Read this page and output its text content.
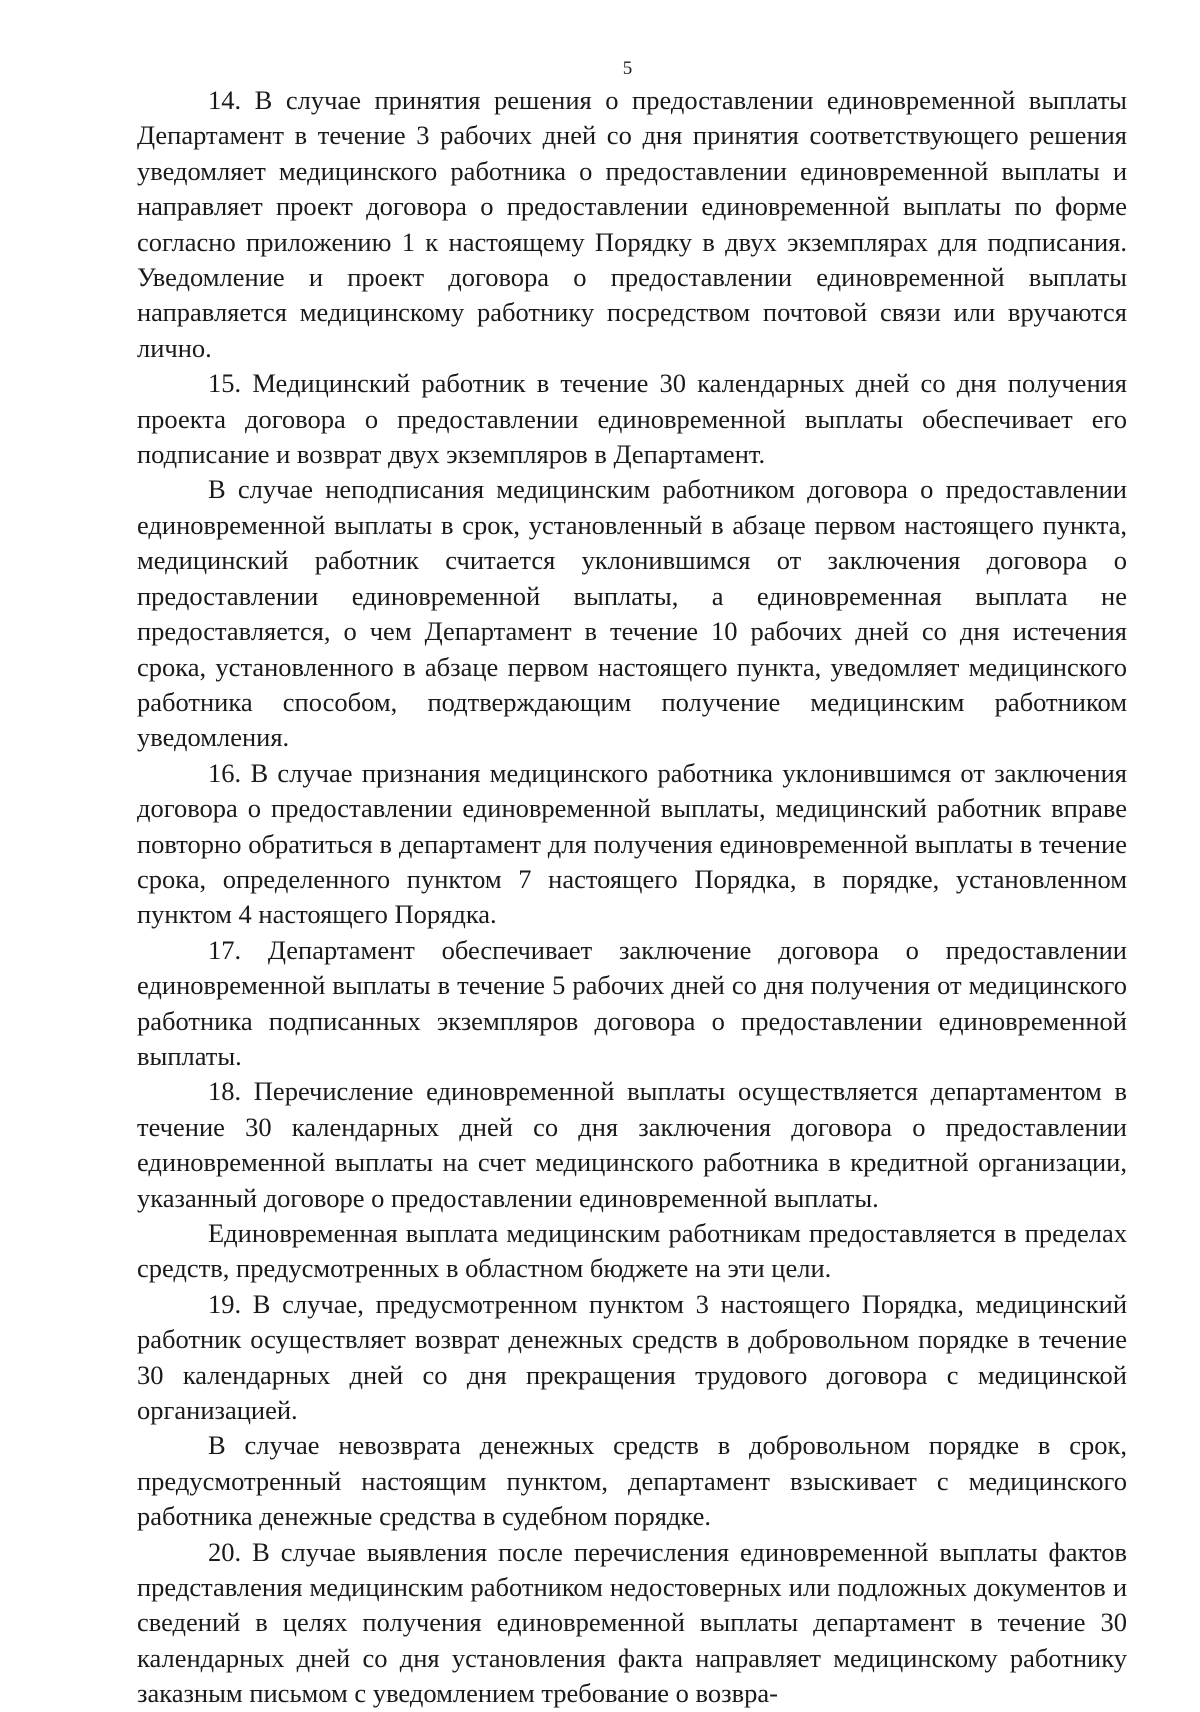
5

14. В случае принятия решения о предоставлении единовременной выплаты Департамент в течение 3 рабочих дней со дня принятия соответствующего решения уведомляет медицинского работника о предоставлении единовременной выплаты и направляет проект договора о предоставлении единовременной выплаты по форме согласно приложению 1 к настоящему Порядку в двух экземплярах для подписания. Уведомление и проект договора о предоставлении единовременной выплаты направляется медицинскому работнику посредством почтовой связи или вручаются лично.

15. Медицинский работник в течение 30 календарных дней со дня получения проекта договора о предоставлении единовременной выплаты обеспечивает его подписание и возврат двух экземпляров в Департамент.

В случае неподписания медицинским работником договора о предоставлении единовременной выплаты в срок, установленный в абзаце первом настоящего пункта, медицинский работник считается уклонившимся от заключения договора о предоставлении единовременной выплаты, а единовременная выплата не предоставляется, о чем Департамент в течение 10 рабочих дней со дня истечения срока, установленного в абзаце первом настоящего пункта, уведомляет медицинского работника способом, подтверждающим получение медицинским работником уведомления.

16. В случае признания медицинского работника уклонившимся от заключения договора о предоставлении единовременной выплаты, медицинский работник вправе повторно обратиться в департамент для получения единовременной выплаты в течение срока, определенного пунктом 7 настоящего Порядка, в порядке, установленном пунктом 4 настоящего Порядка.

17. Департамент обеспечивает заключение договора о предоставлении единовременной выплаты в течение 5 рабочих дней со дня получения от медицинского работника подписанных экземпляров договора о предоставлении единовременной выплаты.

18. Перечисление единовременной выплаты осуществляется департаментом в течение 30 календарных дней со дня заключения договора о предоставлении единовременной выплаты на счет медицинского работника в кредитной организации, указанный договоре о предоставлении единовременной выплаты.

Единовременная выплата медицинским работникам предоставляется в пределах средств, предусмотренных в областном бюджете на эти цели.

19. В случае, предусмотренном пунктом 3 настоящего Порядка, медицинский работник осуществляет возврат денежных средств в добровольном порядке в течение 30 календарных дней со дня прекращения трудового договора с медицинской организацией.

В случае невозврата денежных средств в добровольном порядке в срок, предусмотренный настоящим пунктом, департамент взыскивает с медицинского работника денежные средства в судебном порядке.

20. В случае выявления после перечисления единовременной выплаты фактов представления медицинским работником недостоверных или подложных документов и сведений в целях получения единовременной выплаты департамент в течение 30 календарных дней со дня установления факта направляет медицинскому работнику заказным письмом с уведомлением требование о возвра-
